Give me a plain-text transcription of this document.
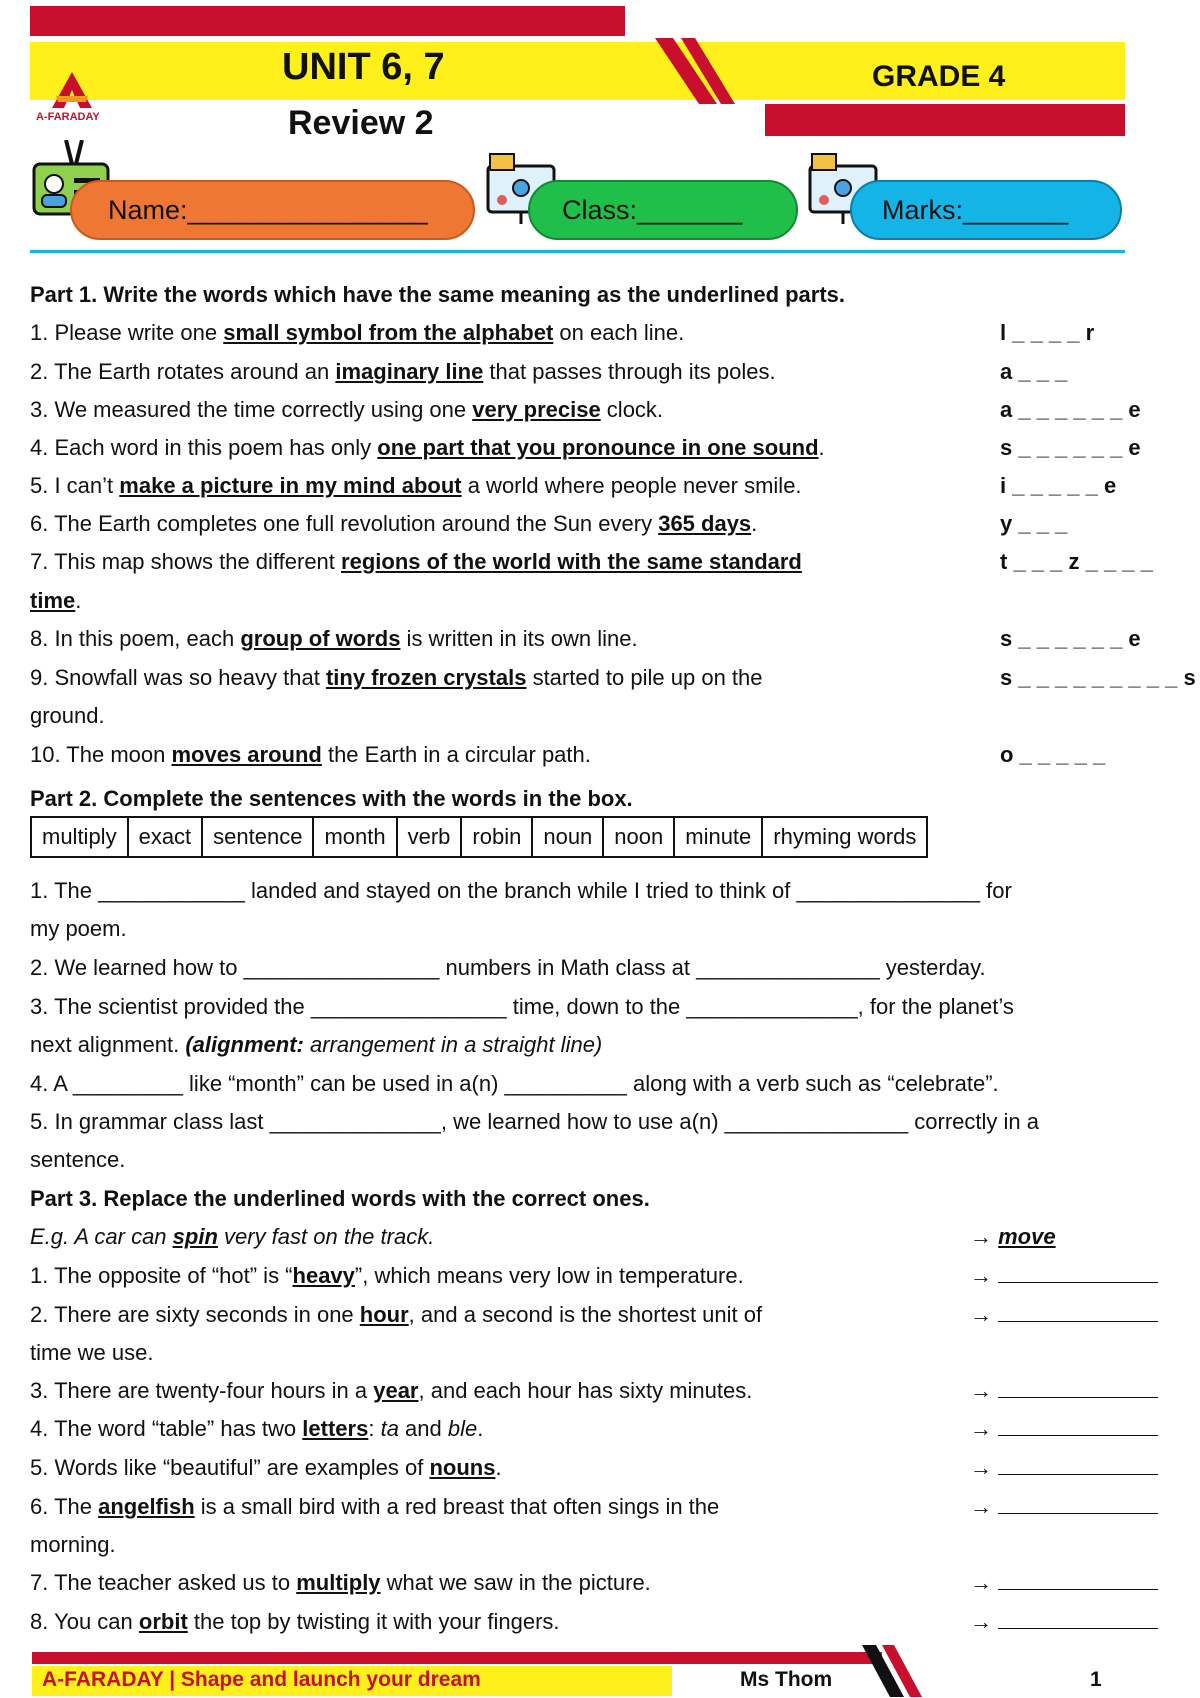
UNIT 6, 7
Review 2
GRADE 4
A-FARADAY
Name:________________	Class:_______	Marks:_______
Part 1. Write the words which have the same meaning as the underlined parts.
1. Please write one small symbol from the alphabet on each line.	l _ _ _ _ r
2. The Earth rotates around an imaginary line that passes through its poles.	a _ _ _
3. We measured the time correctly using one very precise clock.	a _ _ _ _ _ _ e
4. Each word in this poem has only one part that you pronounce in one sound.	s _ _ _ _ _ _ e
5. I can’t make a picture in my mind about a world where people never smile.	i _ _ _ _ _ e
6. The Earth completes one full revolution around the Sun every 365 days.	y _ _ _
7. This map shows the different regions of the world with the same standard	t _ _ _ z _ _ _ _
time.
8. In this poem, each group of words is written in its own line.	s _ _ _ _ _ _ e
9. Snowfall was so heavy that tiny frozen crystals started to pile up on the	s _ _ _ _ _ _ _ _ _ s
ground.
10. The moon moves around the Earth in a circular path.	o _ _ _ _ _
Part 2. Complete the sentences with the words in the box.
multiply	exact	sentence	month	verb	robin	noun	noon	minute	rhyming words
1. The ____________ landed and stayed on the branch while I tried to think of _______________ for
my poem.
2. We learned how to ________________ numbers in Math class at _______________ yesterday.
3. The scientist provided the ________________ time, down to the ______________, for the planet’s
next alignment. (alignment: arrangement in a straight line)
4. A _________ like “month” can be used in a(n) __________ along with a verb such as “celebrate”.
5. In grammar class last ______________, we learned how to use a(n) _______________ correctly in a
sentence.
Part 3. Replace the underlined words with the correct ones.
E.g. A car can spin very fast on the track.	→ move
1. The opposite of “hot” is “heavy”, which means very low in temperature.	→
2. There are sixty seconds in one hour, and a second is the shortest unit of	→
time we use.
3. There are twenty-four hours in a year, and each hour has sixty minutes.	→
4. The word “table” has two letters: ta and ble.	→
5. Words like “beautiful” are examples of nouns.	→
6. The angelfish is a small bird with a red breast that often sings in the	→
morning.
7. The teacher asked us to multiply what we saw in the picture.	→
8. You can orbit the top by twisting it with your fingers.	→
A-FARADAY | Shape and launch your dream	Ms Thom	1
